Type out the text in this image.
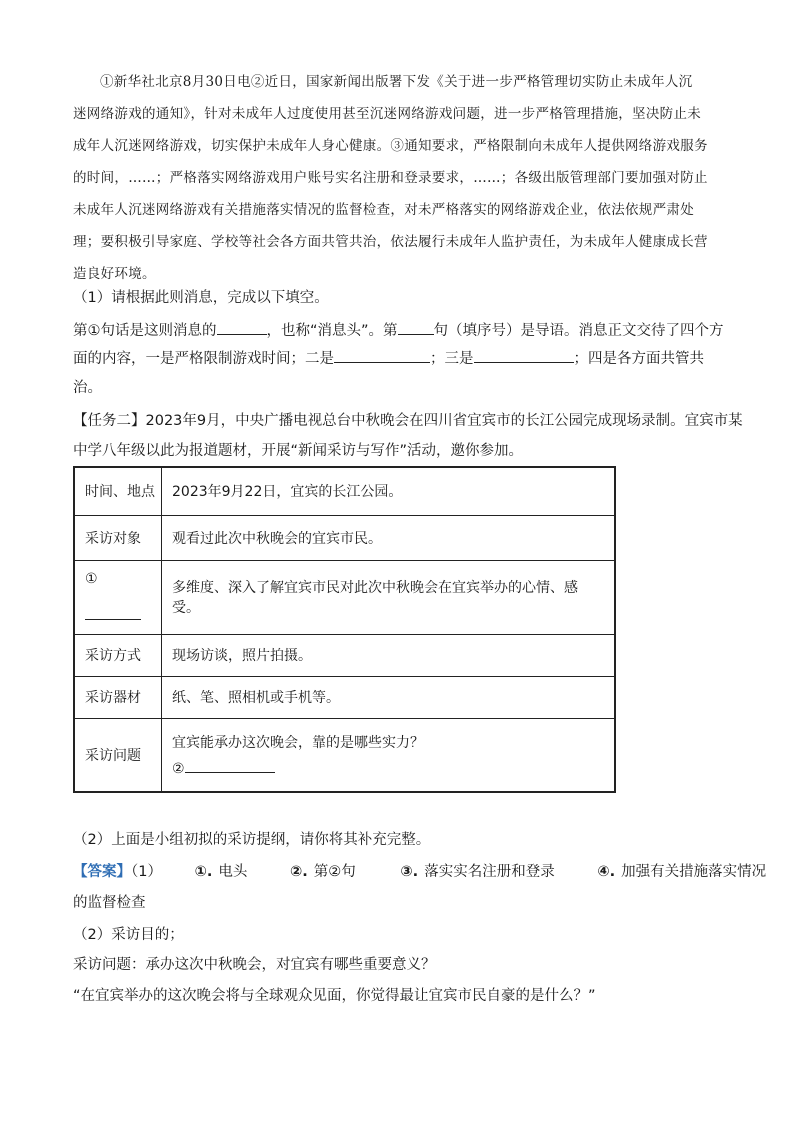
①新华社北京8月30日电②近日，国家新闻出版署下发《关于进一步严格管理切实防止未成年人沉
迷网络游戏的通知》，针对未成年人过度使用甚至沉迷网络游戏问题，进一步严格管理措施，坚决防止未
成年人沉迷网络游戏，切实保护未成年人身心健康。③通知要求，严格限制向未成年人提供网络游戏服务
的时间，……；严格落实网络游戏用户账号实名注册和登录要求，……；各级出版管理部门要加强对防止
未成年人沉迷网络游戏有关措施落实情况的监督检查，对未严格落实的网络游戏企业，依法依规严肃处
理；要积极引导家庭、学校等社会各方面共管共治，依法履行未成年人监护责任，为未成年人健康成长营
造良好环境。
（1）请根据此则消息，完成以下填空。
第①句话是这则消息的	，也称“消息头”。第 句（填序号）是导语。消息正文交待了四个方
面的内容，一是严格限制游戏时间；二是	；三是	；四是各方面共管共
治。
【任务二】2023年9月，中央广播电视总台中秋晚会在四川省宜宾市的长江公园完成现场录制。宜宾市某
中学八年级以此为报道题材，开展“新闻采访与写作”活动，邀你参加。
时间、地点	2023年9月22日，宜宾的长江公园。
采访对象	观看过此次中秋晚会的宜宾市民。

①	多维度、深入了解宜宾市民对此次中秋晚会在宜宾举办的心情、感受。
采访方式	现场访谈，照片拍摄。
采访器材	纸、笔、照相机或手机等。
采访问题	宜宾能承办这次晚会，靠的是哪些实力？
②
（2）上面是小组初拟的采访提纲，请你将其补充完整。
【答案】（1） ①. 电头	②. 第②句	③. 落实实名注册和登录	④. 加强有关措施落实情况
的监督检查
（2）采访目的；
采访问题：承办这次中秋晚会，对宜宾有哪些重要意义？
“在宜宾举办的这次晚会将与全球观众见面，你觉得最让宜宾市民自豪的是什么？”
